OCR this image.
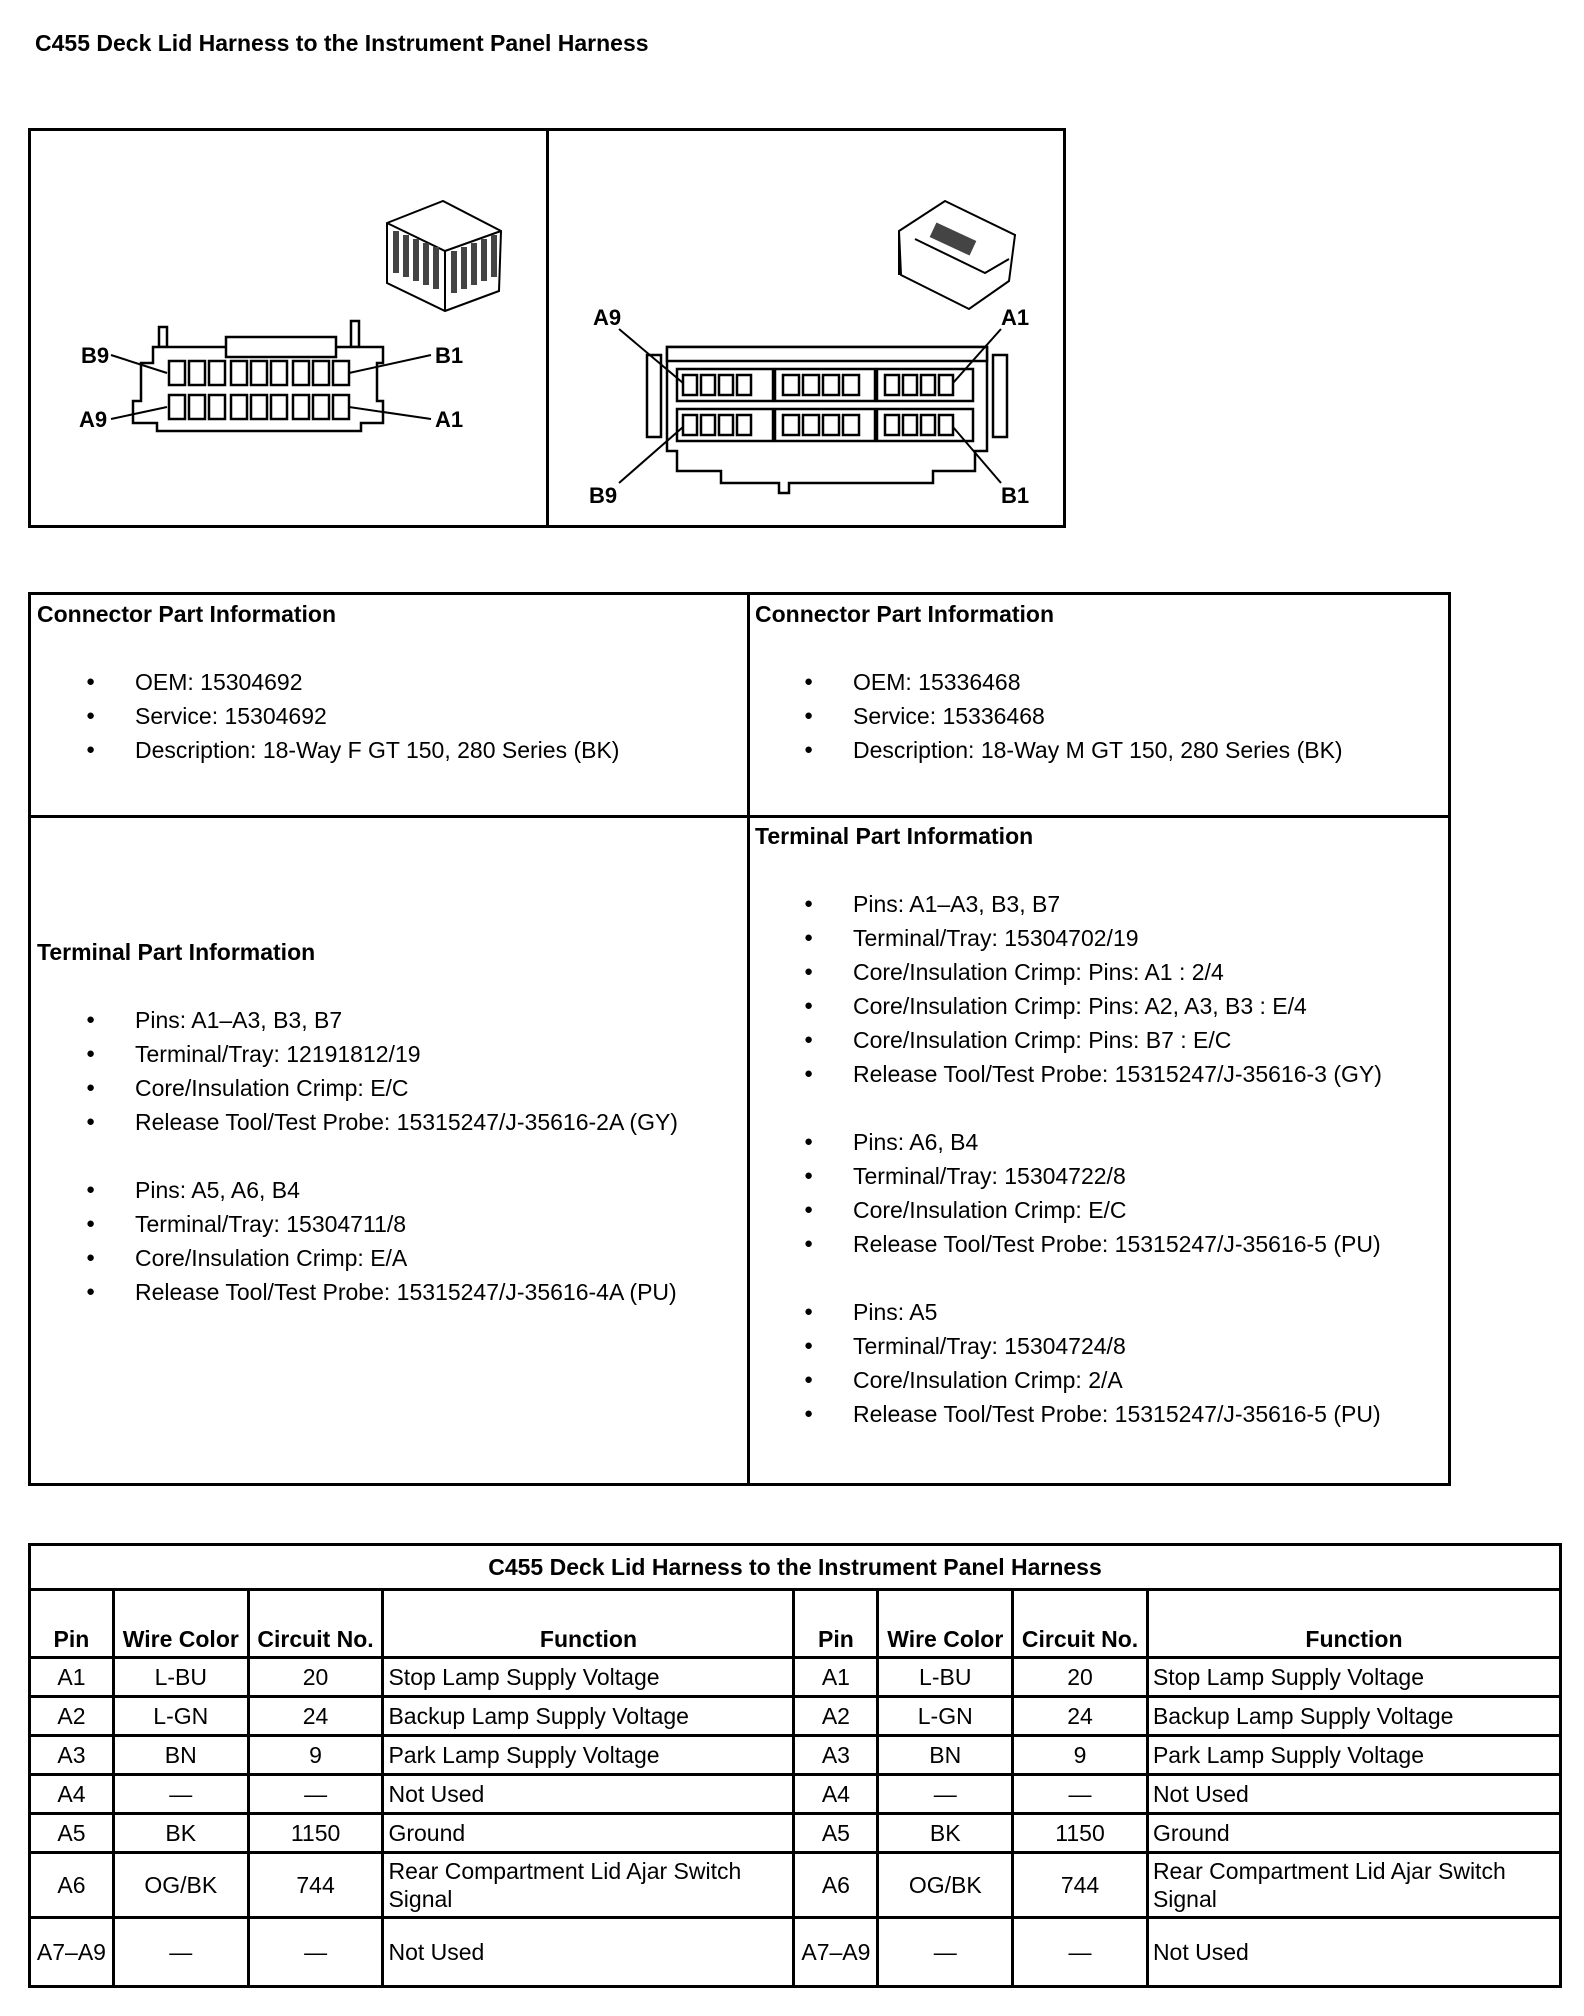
C455 Deck Lid Harness to the Instrument Panel Harness
B9	B1
A9	A1
A9	A1
B9	B1
Connector Part Information
● OEM: 15304692
● Service: 15304692
● Description: 18-Way F GT 150, 280 Series (BK)
Connector Part Information
● OEM: 15336468
● Service: 15336468
● Description: 18-Way M GT 150, 280 Series (BK)
Terminal Part Information
● Pins: A1–A3, B3, B7
● Terminal/Tray: 12191812/19
● Core/Insulation Crimp: E/C
● Release Tool/Test Probe: 15315247/J-35616-2A (GY)
● Pins: A5, A6, B4
● Terminal/Tray: 15304711/8
● Core/Insulation Crimp: E/A
● Release Tool/Test Probe: 15315247/J-35616-4A (PU)
Terminal Part Information
● Pins: A1–A3, B3, B7
● Terminal/Tray: 15304702/19
● Core/Insulation Crimp: Pins: A1 : 2/4
● Core/Insulation Crimp: Pins: A2, A3, B3 : E/4
● Core/Insulation Crimp: Pins: B7 : E/C
● Release Tool/Test Probe: 15315247/J-35616-3 (GY)
● Pins: A6, B4
● Terminal/Tray: 15304722/8
● Core/Insulation Crimp: E/C
● Release Tool/Test Probe: 15315247/J-35616-5 (PU)
● Pins: A5
● Terminal/Tray: 15304724/8
● Core/Insulation Crimp: 2/A
● Release Tool/Test Probe: 15315247/J-35616-5 (PU)
C455 Deck Lid Harness to the Instrument Panel Harness							
Pin	Wire Color	Circuit No.	Function	Pin	Wire Color	Circuit No.	Function
A1	L-BU	20	Stop Lamp Supply Voltage	A1	L-BU	20	Stop Lamp Supply Voltage
A2	L-GN	24	Backup Lamp Supply Voltage	A2	L-GN	24	Backup Lamp Supply Voltage
A3	BN	9	Park Lamp Supply Voltage	A3	BN	9	Park Lamp Supply Voltage
A4	—	—	Not Used	A4	—	—	Not Used
A5	BK	1150	Ground	A5	BK	1150	Ground
A6	OG/BK	744	Rear Compartment Lid Ajar Switch Signal	A6	OG/BK	744	Rear Compartment Lid Ajar Switch Signal
A7–A9	—	—	Not Used	A7–A9	—	—	Not Used
